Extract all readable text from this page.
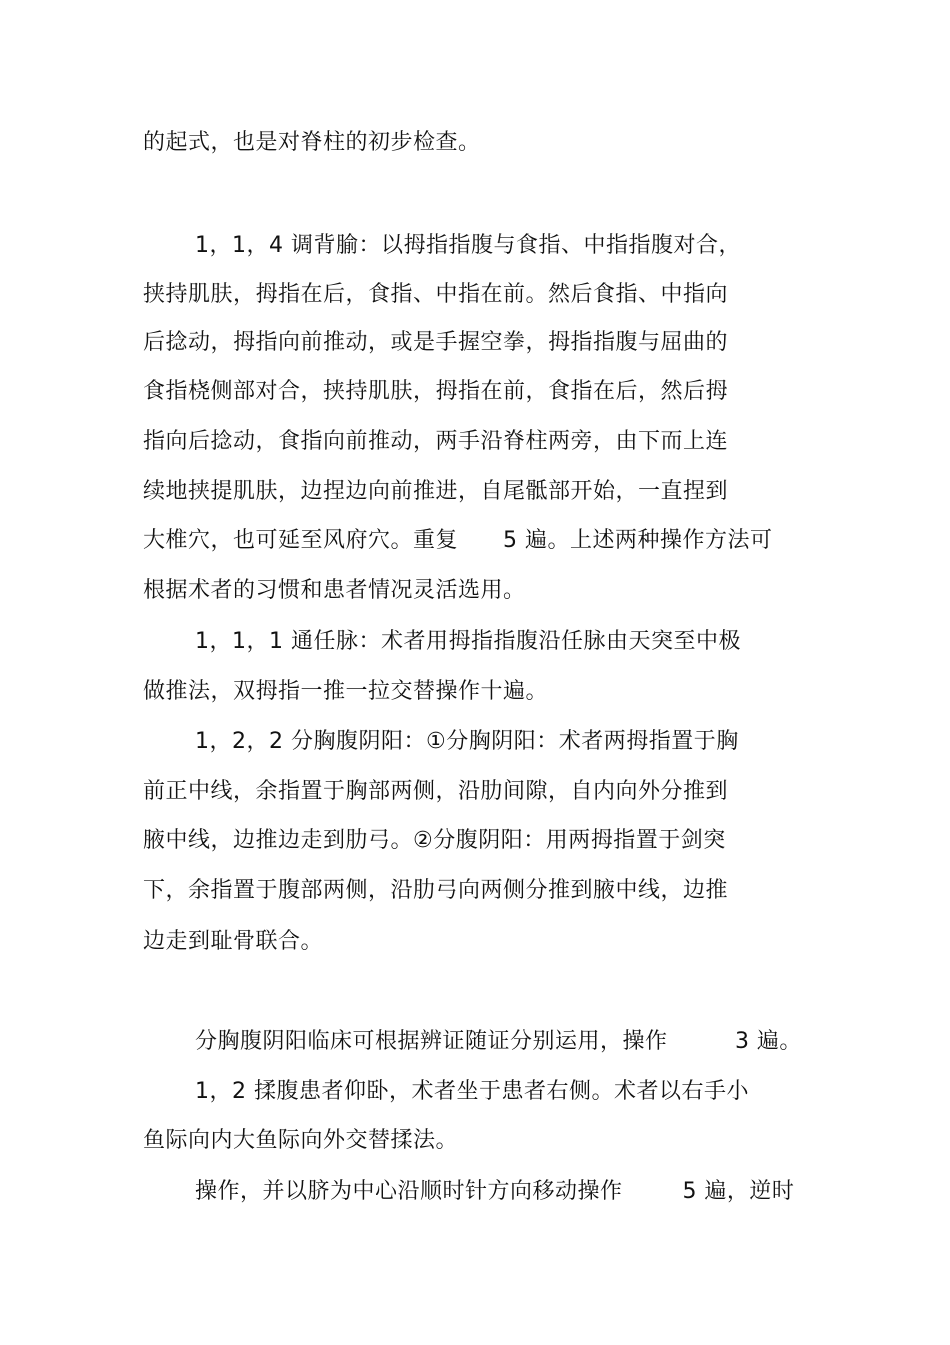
的起式，也是对脊柱的初步检查。
1，1，4 调背腧：以拇指指腹与食指、中指指腹对合，
挟持肌肤，拇指在后，食指、中指在前。然后食指、中指向
后捻动，拇指向前推动，或是手握空拳，拇指指腹与屈曲的
食指桡侧部对合，挟持肌肤，拇指在前，食指在后，然后拇
指向后捻动，食指向前推动，两手沿脊柱两旁，由下而上连
续地挟提肌肤，边捏边向前推进，自尾骶部开始，一直捏到
大椎穴，也可延至风府穴。重复      5 遍。上述两种操作方法可
根据术者的习惯和患者情况灵活选用。
1，1，1 通任脉：术者用拇指指腹沿任脉由天突至中极
做推法，双拇指一推一拉交替操作十遍。
1，2，2 分胸腹阴阳：①分胸阴阳：术者两拇指置于胸
前正中线，余指置于胸部两侧，沿肋间隙，自内向外分推到
腋中线，边推边走到肋弓。②分腹阴阳：用两拇指置于剑突
下，余指置于腹部两侧，沿肋弓向两侧分推到腋中线，边推
边走到耻骨联合。
分胸腹阴阳临床可根据辨证随证分别运用，操作         3 遍。
1，2 揉腹患者仰卧，术者坐于患者右侧。术者以右手小
鱼际向内大鱼际向外交替揉法。
操作，并以脐为中心沿顺时针方向移动操作        5 遍，逆时
